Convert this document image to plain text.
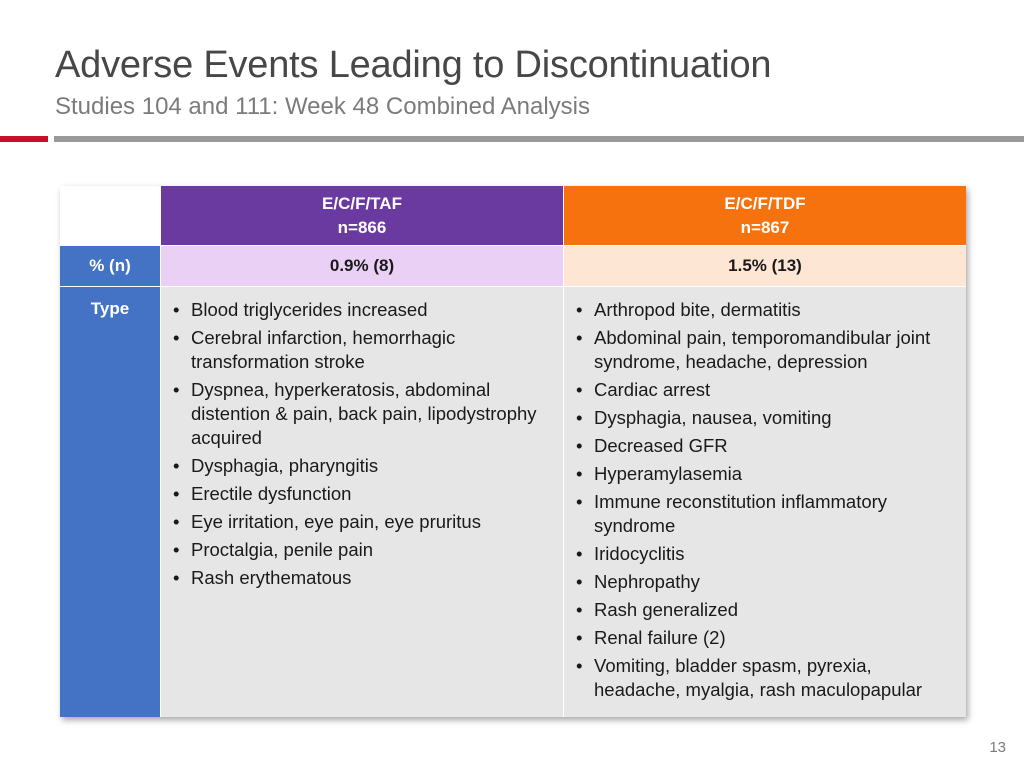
Adverse Events Leading to Discontinuation
Studies 104 and 111: Week 48 Combined Analysis
E/C/F/TAF
n=866
E/C/F/TDF
n=867
% (n)	0.9% (8)	1.5% (13)
Type
•	Blood triglycerides increased
• Cerebral infarction, hemorrhagic transformation stroke
• Dyspnea, hyperkeratosis, abdominal distention & pain, back pain, lipodystrophy acquired
• Dysphagia, pharyngitis
• Erectile dysfunction
• Eye irritation, eye pain, eye pruritus
• Proctalgia, penile pain
• Rash erythematous
• Arthropod bite, dermatitis
• Abdominal pain, temporomandibular joint syndrome, headache, depression
• Cardiac arrest
• Dysphagia, nausea, vomiting
• Decreased GFR
• Hyperamylasemia
• Immune reconstitution inflammatory syndrome
• Iridocyclitis
• Nephropathy
• Rash generalized
• Renal failure (2)
• Vomiting, bladder spasm, pyrexia, headache, myalgia, rash maculopapular
13
